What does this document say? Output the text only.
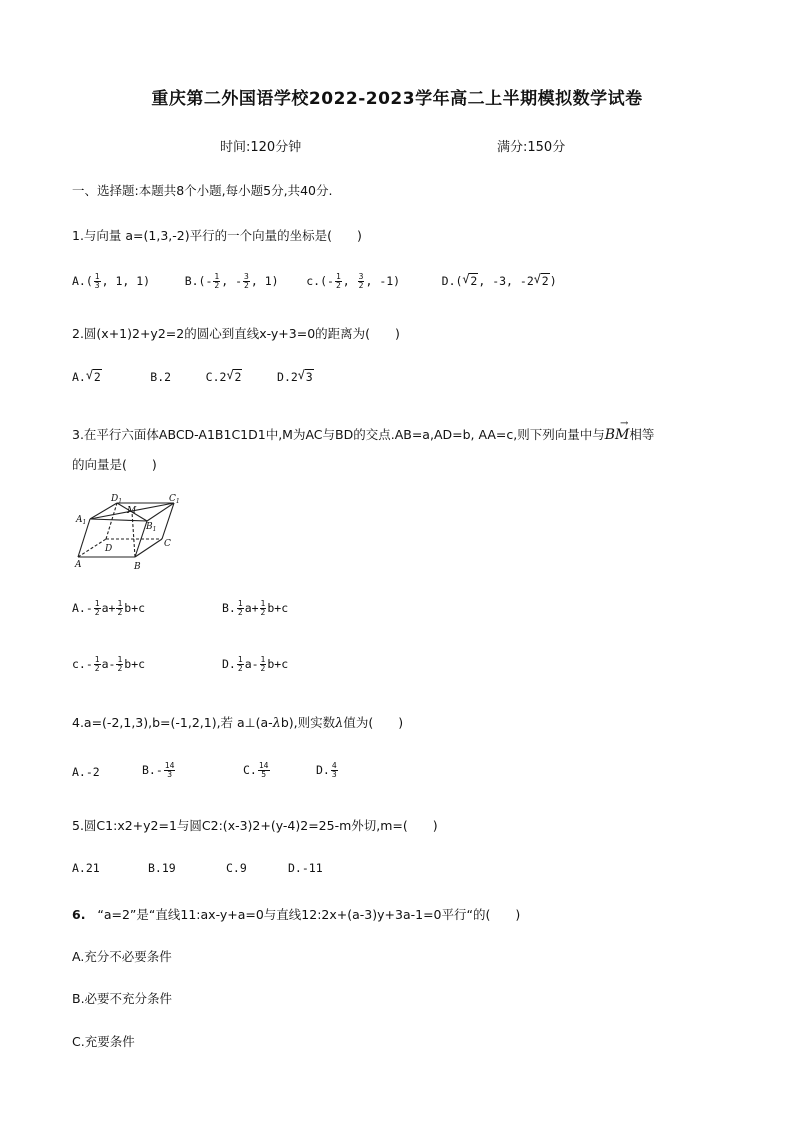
重庆第二外国语学校2022-2023学年高二上半期模拟数学试卷
时间:120分钟	满分:150分
一、选择题:本题共8个小题,每小题5分,共40分.
1.与向量 a=(1,3,-2)平行的一个向量的坐标是(　　)
$A.( \frac{1}{3}$ , 1, 1)	$B.(- \frac{1}{2}$ , - $\frac{3}{2}$ , 1) $c.(- \frac{1}{2}$ , $\frac{3}{2}$ , -1)	D.( √ 2, -3, -2 √ 2)
2.圆(x+1)2+y2=2的圆心到直线x-y+3=0的距离为(　　)
A. √ 2	B.2	C.2 √ 2	D.2 √ 3
3.在平行六面体ABCD-A1B1C1D1中,M为AC与BD的交点.AB=a,AD=b, AA=c,则下列向量中与
→
BM相等
的向量是(　　)
$D_1$	$C_1$
$A_1$	$B_1$
M
D	C
A	B
$A.- \frac{1}{2} a+ \frac{1}{2} b+c$	B. $\frac{1}{2} a+ \frac{1}{2} b+c$
$c.- \frac{1}{2} a- \frac{1}{2} b+c$	D. $\frac{1}{2} a- \frac{1}{2} b+c$
4.a=(-2,1,3),b=(-1,2,1),若 a⊥(a-λb),则实数λ值为(　　)
A.-2	$B.- \frac{14}{3}$	C. $\frac{14}{5}$	D. $\frac{4}{3}$
5.圆C1:x2+y2=1与圆C2:(x-3)2+(y-4)2=25-m外切,m=(　　)
A.21	B.19	C.9	D.-11
6. “a=2”是“直线11:ax-y+a=0与直线12:2x+(a-3)y+3a-1=0平行“的(　　)
A.充分不必要条件
B.必要不充分条件
C.充要条件
